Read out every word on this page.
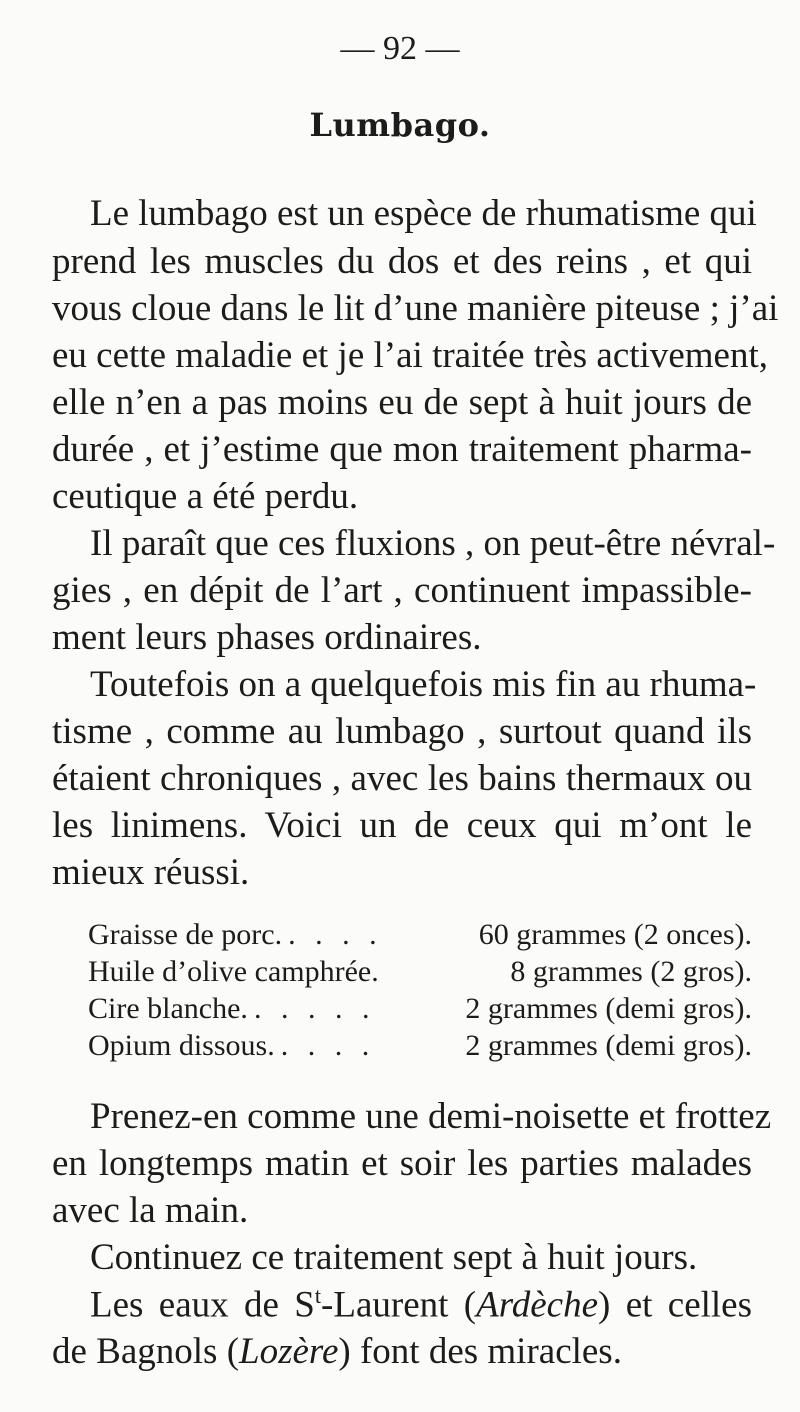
— 92 —
Lumbago.
Le lumbago est un espèce de rhumatisme qui
prend les muscles du dos et des reins , et qui
vous cloue dans le lit d’une manière piteuse ; j’ai
eu cette maladie et je l’ai traitée très activement,
elle n’en a pas moins eu de sept à huit jours de
durée , et j’estime que mon traitement pharma-
ceutique a été perdu.
Il paraît que ces fluxions , on peut-être névral-
gies , en dépit de l’art , continuent impassible-
ment leurs phases ordinaires.
Toutefois on a quelquefois mis fin au rhuma-
tisme , comme au lumbago , surtout quand ils
étaient chroniques , avec les bains thermaux ou
les linimens. Voici un de ceux qui m’ont le
mieux réussi.
Graisse de porc. . . . .	60 grammes (2 onces).
Huile d’olive camphrée.	8 grammes (2 gros).
Cire blanche. . . . . .	2 grammes (demi gros).
Opium dissous. . . . .	2 grammes (demi gros).
Prenez-en comme une demi-noisette et frottez
en longtemps matin et soir les parties malades
avec la main.
Continuez ce traitement sept à huit jours.
Les eaux de $S^t$-Laurent (Ardèche) et celles
de Bagnols (Lozère) font des miracles.
